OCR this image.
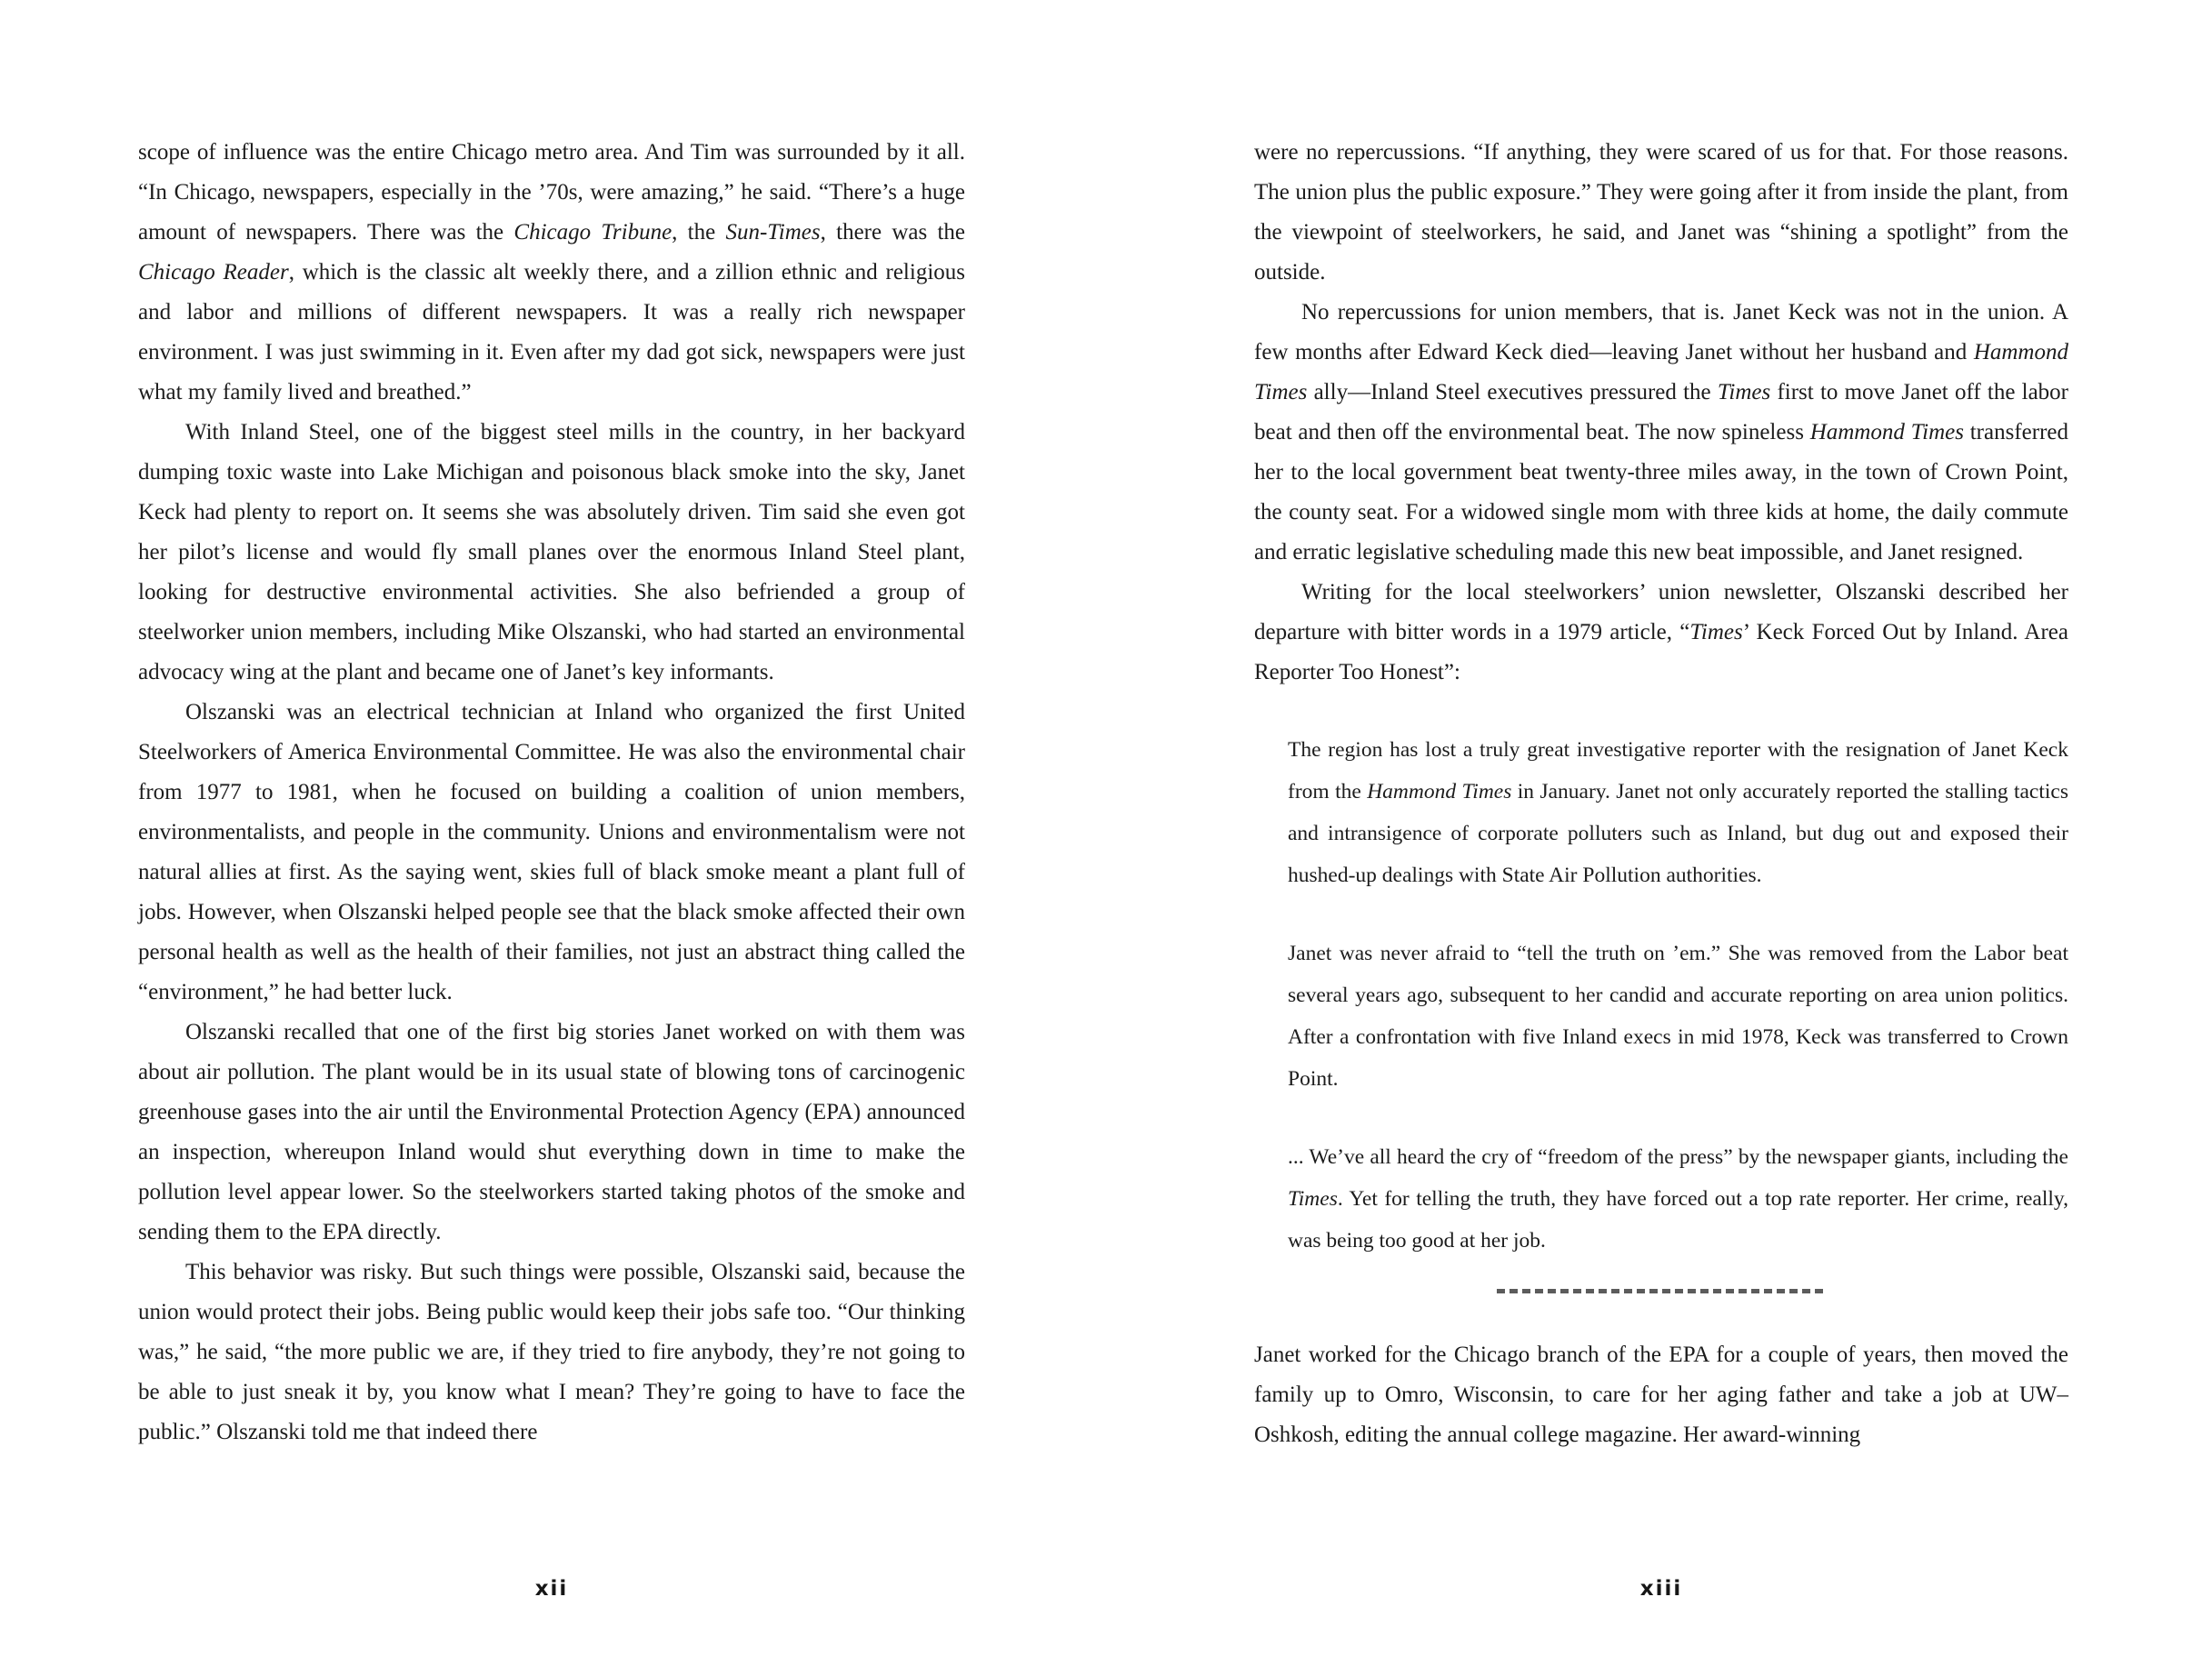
scope of influence was the entire Chicago metro area. And Tim was surrounded by it all. “In Chicago, newspapers, especially in the ’70s, were amazing,” he said. “There’s a huge amount of newspapers. There was the Chicago Tribune, the Sun-Times, there was the Chicago Reader, which is the classic alt weekly there, and a zillion ethnic and religious and labor and millions of different newspapers. It was a really rich newspaper environment. I was just swimming in it. Even after my dad got sick, newspapers were just what my family lived and breathed.”

With Inland Steel, one of the biggest steel mills in the country, in her backyard dumping toxic waste into Lake Michigan and poisonous black smoke into the sky, Janet Keck had plenty to report on. It seems she was absolutely driven. Tim said she even got her pilot’s license and would fly small planes over the enormous Inland Steel plant, looking for destructive environmental activities. She also befriended a group of steelworker union members, including Mike Olszanski, who had started an environmental advocacy wing at the plant and became one of Janet’s key informants.

Olszanski was an electrical technician at Inland who organized the first United Steelworkers of America Environmental Committee. He was also the environmental chair from 1977 to 1981, when he focused on building a coalition of union members, environmentalists, and people in the community. Unions and environmentalism were not natural allies at first. As the saying went, skies full of black smoke meant a plant full of jobs. However, when Olszanski helped people see that the black smoke affected their own personal health as well as the health of their families, not just an abstract thing called the “environment,” he had better luck.

Olszanski recalled that one of the first big stories Janet worked on with them was about air pollution. The plant would be in its usual state of blowing tons of carcinogenic greenhouse gases into the air until the Environmental Protection Agency (EPA) announced an inspection, whereupon Inland would shut everything down in time to make the pollution level appear lower. So the steelworkers started taking photos of the smoke and sending them to the EPA directly.

This behavior was risky. But such things were possible, Olszanski said, because the union would protect their jobs. Being public would keep their jobs safe too. “Our thinking was,” he said, “the more public we are, if they tried to fire anybody, they’re not going to be able to just sneak it by, you know what I mean? They’re going to have to face the public.” Olszanski told me that indeed there

xii

were no repercussions. “If anything, they were scared of us for that. For those reasons. The union plus the public exposure.” They were going after it from inside the plant, from the viewpoint of steelworkers, he said, and Janet was “shining a spotlight” from the outside.

No repercussions for union members, that is. Janet Keck was not in the union. A few months after Edward Keck died—leaving Janet without her husband and Hammond Times ally—Inland Steel executives pressured the Times first to move Janet off the labor beat and then off the environmental beat. The now spineless Hammond Times transferred her to the local government beat twenty-three miles away, in the town of Crown Point, the county seat. For a widowed single mom with three kids at home, the daily commute and erratic legislative scheduling made this new beat impossible, and Janet resigned.

Writing for the local steelworkers’ union newsletter, Olszanski described her departure with bitter words in a 1979 article, “Times’ Keck Forced Out by Inland. Area Reporter Too Honest”:

The region has lost a truly great investigative reporter with the resignation of Janet Keck from the Hammond Times in January. Janet not only accurately reported the stalling tactics and intransigence of corporate polluters such as Inland, but dug out and exposed their hushed-up dealings with State Air Pollution authorities.

Janet was never afraid to “tell the truth on ’em.” She was removed from the Labor beat several years ago, subsequent to her candid and accurate reporting on area union politics. After a confrontation with five Inland execs in mid 1978, Keck was transferred to Crown Point.

... We’ve all heard the cry of “freedom of the press” by the newspaper giants, including the Times. Yet for telling the truth, they have forced out a top rate reporter. Her crime, really, was being too good at her job.

Janet worked for the Chicago branch of the EPA for a couple of years, then moved the family up to Omro, Wisconsin, to care for her aging father and take a job at UW–Oshkosh, editing the annual college magazine. Her award-winning

xiii
